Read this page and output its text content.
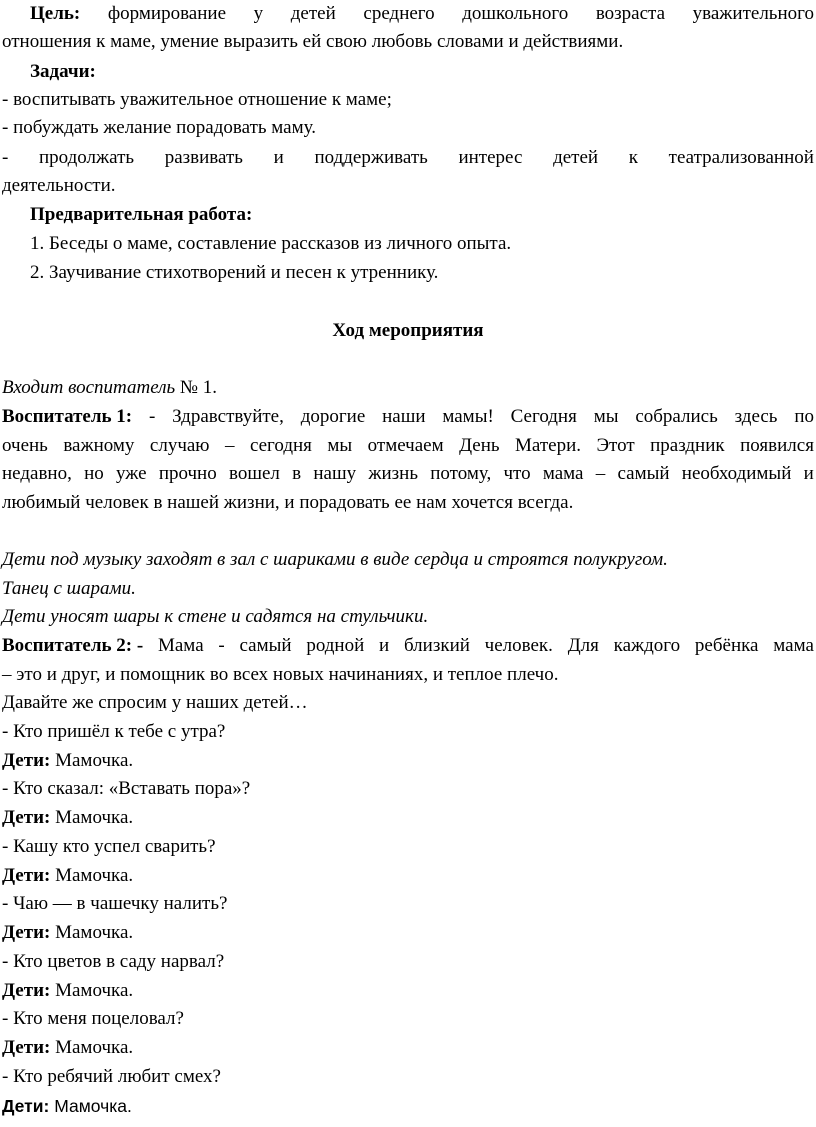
Цель: формирование у детей среднего дошкольного возраста уважительного
отношения к маме, умение выразить ей свою любовь словами и действиями.
Задачи:
- воспитывать уважительное отношение к маме;
- побуждать желание порадовать маму.
- продолжать развивать и поддерживать интерес детей к театрализованной
деятельности.
Предварительная работа:
1. Беседы о маме, составление рассказов из личного опыта.
2. Заучивание стихотворений и песен к утреннику.
Ход мероприятия
Входит воспитатель № 1.
Воспитатель 1: - Здравствуйте, дорогие наши мамы! Сегодня мы собрались здесь по
очень важному случаю – сегодня мы отмечаем День Матери. Этот праздник появился
недавно, но уже прочно вошел в нашу жизнь потому, что мама – самый необходимый и
любимый человек в нашей жизни, и порадовать ее нам хочется всегда.
Дети под музыку заходят в зал с шариками в виде сердца и строятся полукругом.
Танец с шарами.
Дети уносят шары к стене и садятся на стульчики.
Воспитатель 2: - Мама - самый родной и близкий человек. Для каждого ребёнка мама
– это и друг, и помощник во всех новых начинаниях, и теплое плечо.
Давайте же спросим у наших детей…
- Кто пришёл к тебе с утра?
Дети: Мамочка.
- Кто сказал: «Вставать пора»?
Дети: Мамочка.
- Кашу кто успел сварить?
Дети: Мамочка.
- Чаю — в чашечку налить?
Дети: Мамочка.
- Кто цветов в саду нарвал?
Дети: Мамочка.
- Кто меня поцеловал?
Дети: Мамочка.
- Кто ребячий любит смех?
Дети: Мамочка.
